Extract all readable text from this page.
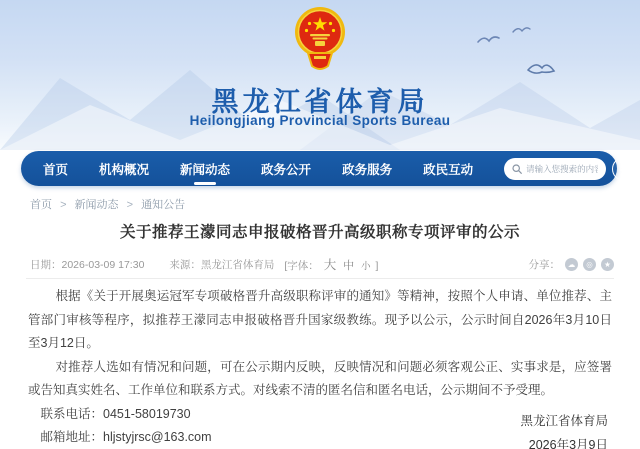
黑龙江省体育局
Heilongjiang Provincial Sports Bureau
首页 机构概况 新闻动态 政务公开 政务服务 政民互动
请输入您搜索的内容	❄
首页 > 新闻动态 > 通知公告
关于推荐王濛同志申报破格晋升高级职称专项评审的公示
日期：2026-03-09 17:30 来源：黑龙江省体育局 [字体： 大 中 小 ]	分享：	☁	◎	★

根据《关于开展奥运冠军专项破格晋升高级职称评审的通知》等精神，按照个人申请、单位推荐、主管部门审核等程序，拟推荐王濛同志申报破格晋升国家级教练。现予以公示，公示时间自2026年3月10日至3月12日。

对推荐人选如有情况和问题，可在公示期内反映，反映情况和问题必须客观公正、实事求是，应签署或告知真实姓名、工作单位和联系方式。对线索不清的匿名信和匿名电话，公示期间不予受理。

联系电话：0451-58019730

邮箱地址：hljstyjrsc@163.com

黑龙江省体育局
2026年3月9日
